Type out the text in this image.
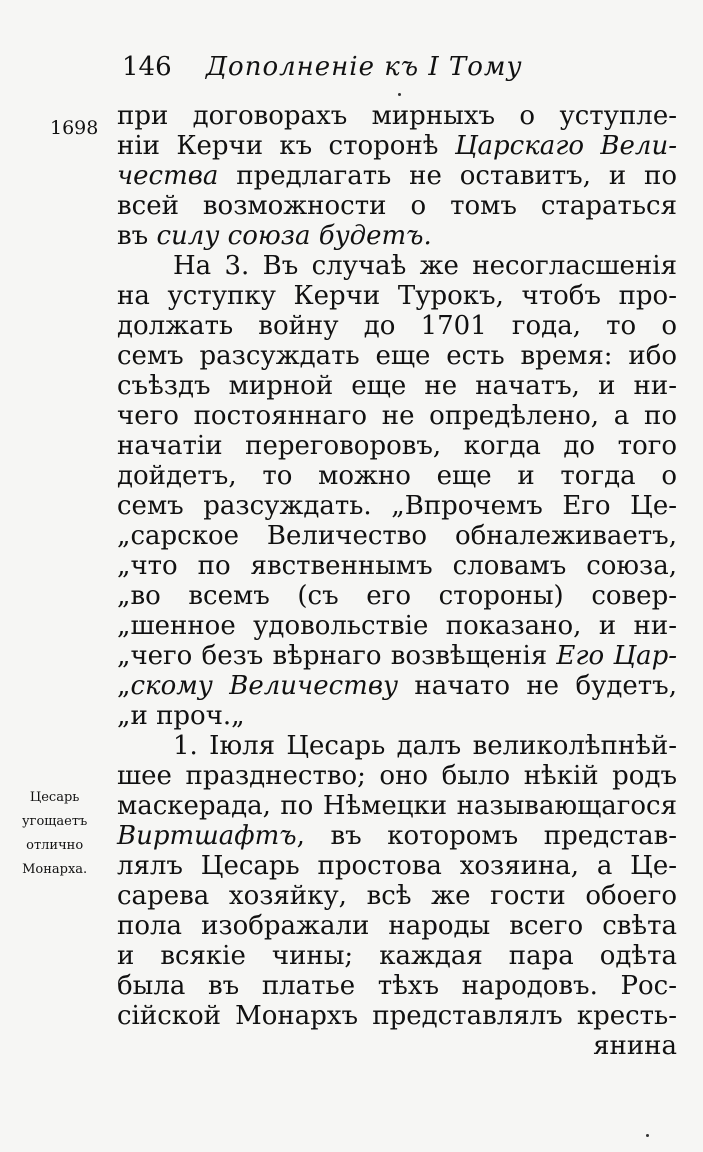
146 Дополненіе къ I Тому
1698 при договорахъ мирныхъ о уступле-
ніи Керчи къ сторонѣ Царскаго Вели-
чества предлагать не оставитъ, и по
всей возможности о томъ стараться
въ силу союза будетъ.
На 3. Въ случаѣ же несогласшенія
на уступку Керчи Турокъ, чтобъ про-
должать войну до 1701 года, то о
семъ разсуждать еще есть время: ибо
съѣздъ мирной еще не начатъ, и ни-
чего постояннаго не опредѣлено, а по
начатіи переговоровъ, когда до того
дойдетъ, то можно еще и тогда о
семъ разсуждать. „Впрочемъ Его Це-
„сарское Величество обналеживаетъ,
„что по явственнымъ словамъ союза,
„во всемъ (съ его стороны) совер-
„шенное удовольствіе показано, и ни-
„чего безъ вѣрнаго возвѣщенія Его Цар-
„скому Величеству начато не будетъ,
„и проч.„
1. Іюля Цесарь далъ великолѣпнѣй-
шее празднество; оно было нѣкій родъ
маскерада, по Нѣмецки называющагося
Виртшафтъ, въ которомъ представ-
лялъ Цесарь простова хозяина, а Це-
сарева хозяйку, всѣ же гости обоего
пола изображали народы всего свѣта
и всякіе чины; каждая пара одѣта
была въ платье тѣхъ народовъ. Рос-
сійской Монархъ представлялъ кресть-
янина
Цесарь
угощаетъ
отлично
Монарха.
